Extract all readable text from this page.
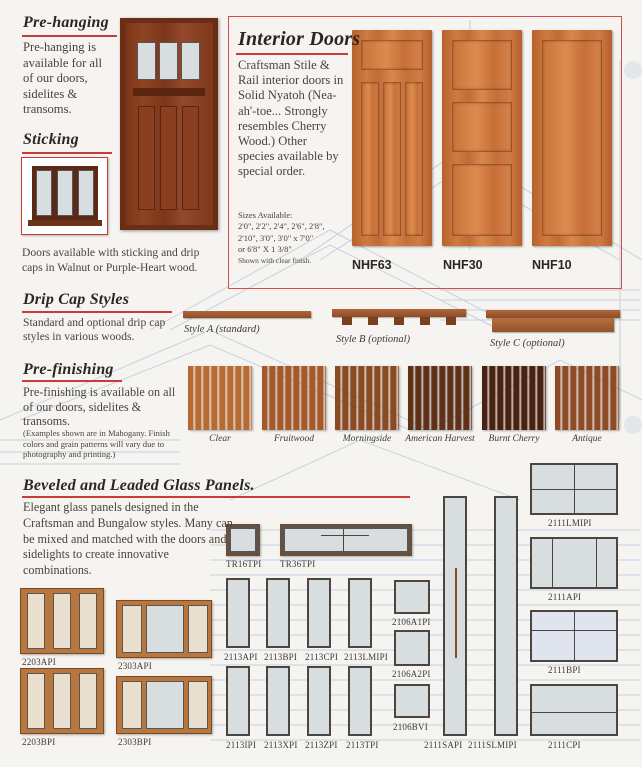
Pre-hanging
Pre-hanging is available for all of our doors, sidelites & transoms.
Sticking
Doors available with sticking and drip caps in Walnut or Purple-Heart wood.
Interior Doors
Craftsman Stile & Rail interior doors in Solid Nyatoh (Nea-ah'-toe... Strongly resembles Cherry Wood.) Other species available by special order.
Sizes Available:
2'0", 2'2", 2'4", 2'6", 2'8",
2'10", 3'0", 3'0" x 7'0"
or 6'8" X 1 3/8"
Shown with clear finish.	NHF63	NHF30	NHF10
Drip Cap Styles
Standard and optional drip cap styles in various woods.
Style A (standard)
Style B (optional)	Style C (optional)
Pre-finishing
Pre-finishing is available on all of our doors, sidelites & transoms.
(Examples shown are in Mahogany. Finish colors and grain patterns will vary due to photography and printing.)
Clear	Fruitwood	Morningside	American Harvest	Burnt Cherry	Antique
Beveled and Leaded Glass Panels.
Elegant glass panels designed in the Craftsman and Bungalow styles. Many can be mixed and matched with the doors and sidelights to create innovative combinations.	TR16TPI TR36TPI
2203API
2203BPI
2303API
2303BPI
2113API 2113BPI 2113CPI 2113LMIPI
2113IPI 2113XPI 2113ZPI 2113TPI
2106A1PI
2106A2PI
2106BVI
2111SAPI 2111SLMIPI
2111LMIPI
2111API
2111BPI
2111CPI
